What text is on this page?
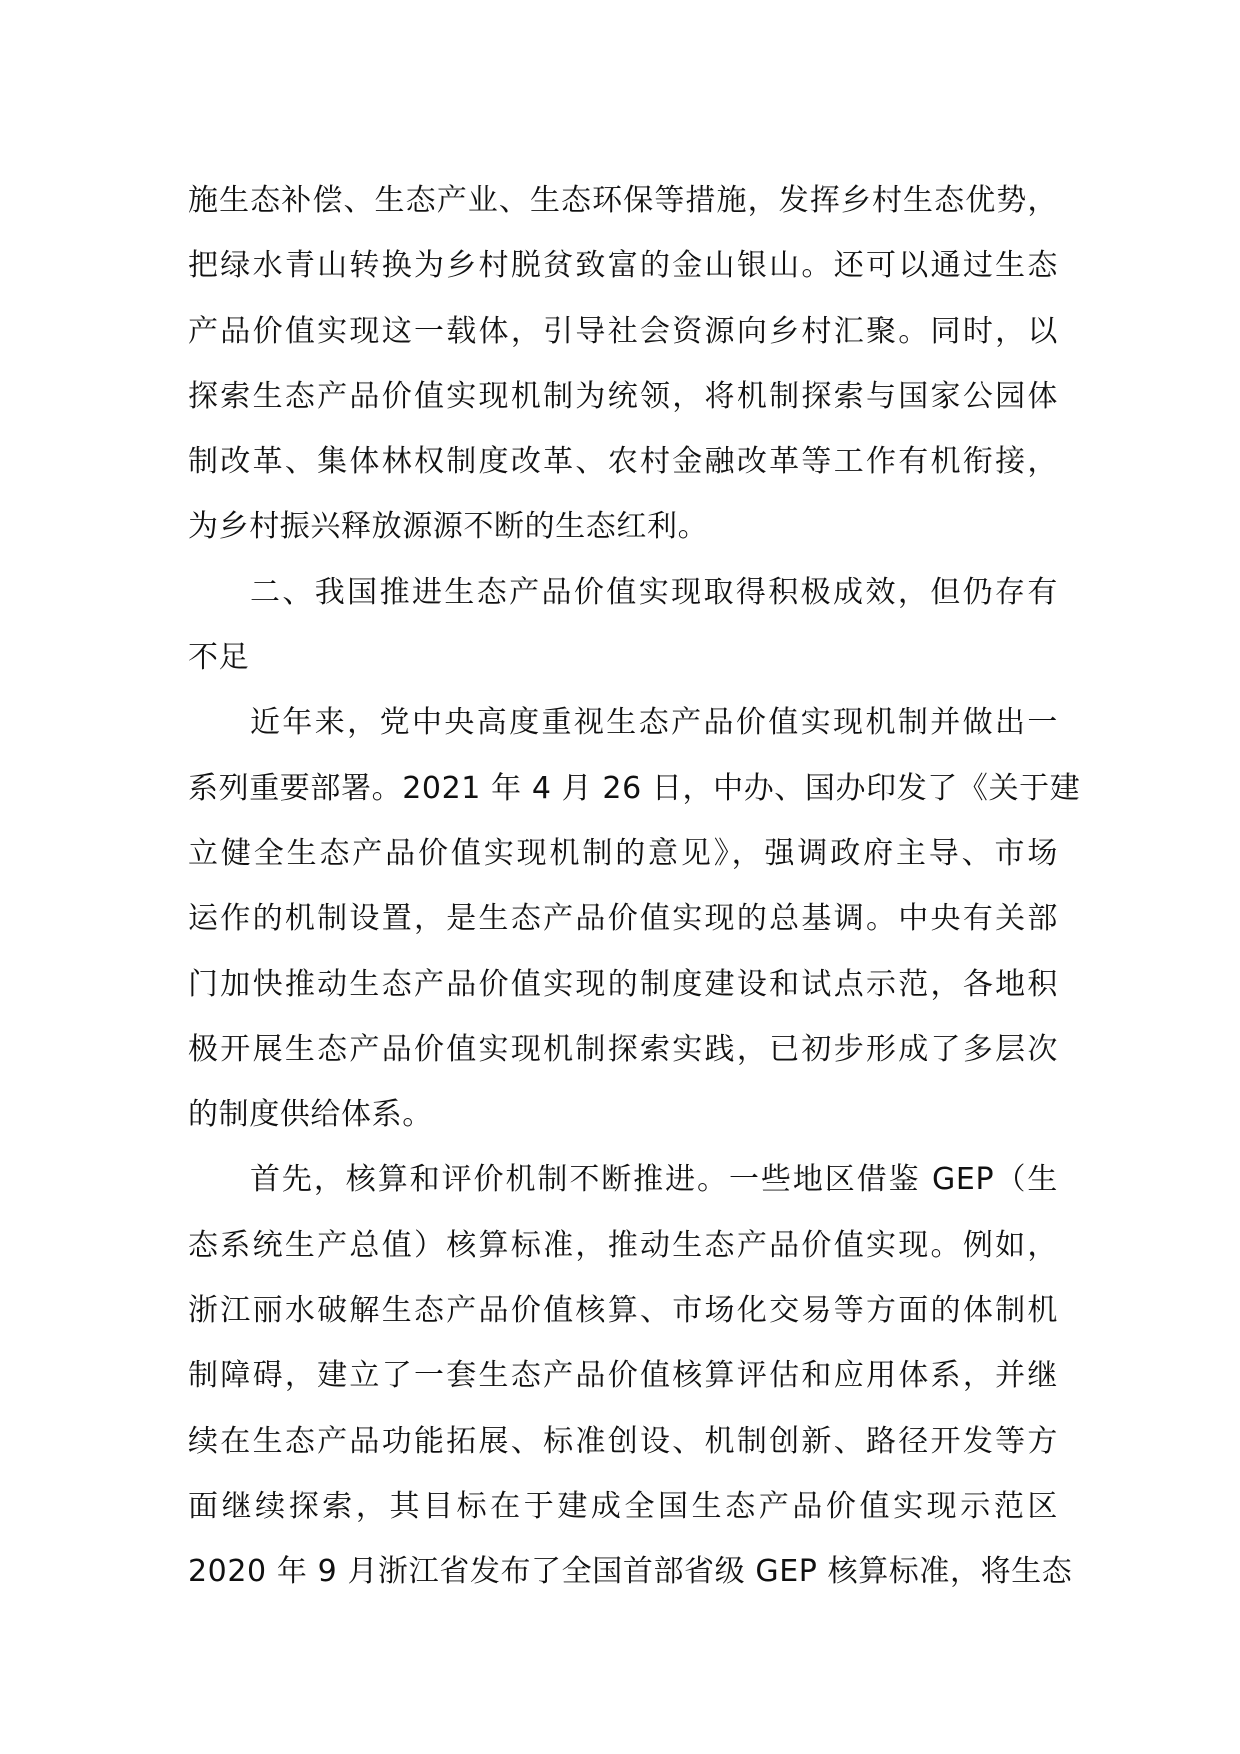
施生态补偿、生态产业、生态环保等措施，发挥乡村生态优势，
把绿水青山转换为乡村脱贫致富的金山银山。还可以通过生态
产品价值实现这一载体，引导社会资源向乡村汇聚。同时，以
探索生态产品价值实现机制为统领，将机制探索与国家公园体
制改革、集体林权制度改革、农村金融改革等工作有机衔接，
为乡村振兴释放源源不断的生态红利。
二、我国推进生态产品价值实现取得积极成效，但仍存有
不足
近年来，党中央高度重视生态产品价值实现机制并做出一
系列重要部署。2021 年 4 月 26 日，中办、国办印发了《关于建
立健全生态产品价值实现机制的意见》，强调政府主导、市场
运作的机制设置，是生态产品价值实现的总基调。中央有关部
门加快推动生态产品价值实现的制度建设和试点示范，各地积
极开展生态产品价值实现机制探索实践，已初步形成了多层次
的制度供给体系。
首先，核算和评价机制不断推进。一些地区借鉴 GEP（生
态系统生产总值）核算标准，推动生态产品价值实现。例如，
浙江丽水破解生态产品价值核算、市场化交易等方面的体制机
制障碍，建立了一套生态产品价值核算评估和应用体系，并继
续在生态产品功能拓展、标准创设、机制创新、路径开发等方
面继续探索，其目标在于建成全国生态产品价值实现示范区
2020 年 9 月浙江省发布了全国首部省级 GEP 核算标准，将生态
